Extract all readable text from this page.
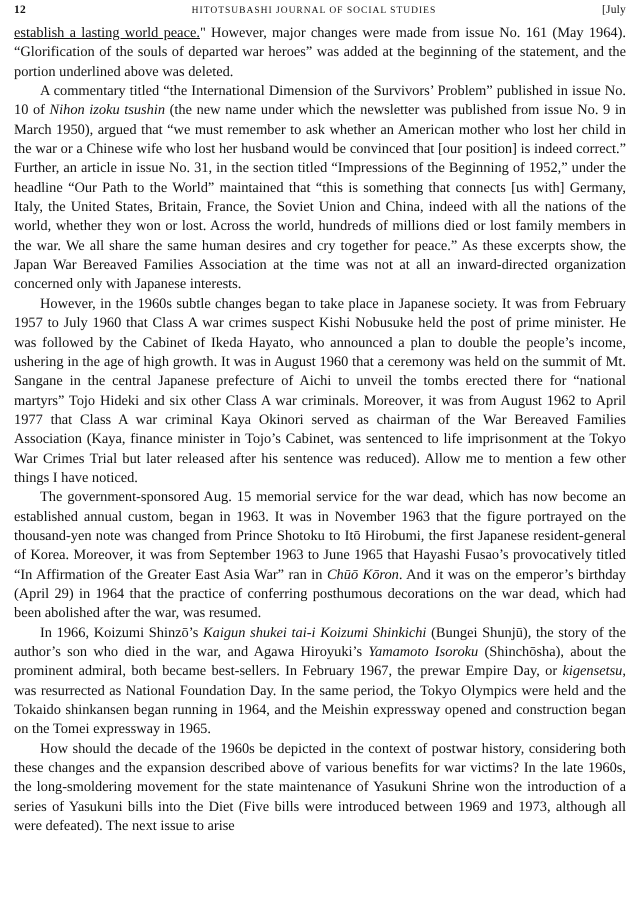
12	HITOTSUBASHI JOURNAL OF SOCIAL STUDIES	[July

establish a lasting world peace." However, major changes were made from issue No. 161 (May 1964). “Glorification of the souls of departed war heroes” was added at the beginning of the statement, and the portion underlined above was deleted.

A commentary titled “the International Dimension of the Survivors’ Problem” published in issue No. 10 of Nihon izoku tsushin (the new name under which the newsletter was published from issue No. 9 in March 1950), argued that “we must remember to ask whether an American mother who lost her child in the war or a Chinese wife who lost her husband would be convinced that [our position] is indeed correct.” Further, an article in issue No. 31, in the section titled “Impressions of the Beginning of 1952,” under the headline “Our Path to the World” maintained that “this is something that connects [us with] Germany, Italy, the United States, Britain, France, the Soviet Union and China, indeed with all the nations of the world, whether they won or lost. Across the world, hundreds of millions died or lost family members in the war. We all share the same human desires and cry together for peace.” As these excerpts show, the Japan War Bereaved Families Association at the time was not at all an inward-directed organization concerned only with Japanese interests.

However, in the 1960s subtle changes began to take place in Japanese society. It was from February 1957 to July 1960 that Class A war crimes suspect Kishi Nobusuke held the post of prime minister. He was followed by the Cabinet of Ikeda Hayato, who announced a plan to double the people’s income, ushering in the age of high growth. It was in August 1960 that a ceremony was held on the summit of Mt. Sangane in the central Japanese prefecture of Aichi to unveil the tombs erected there for “national martyrs” Tojo Hideki and six other Class A war criminals. Moreover, it was from August 1962 to April 1977 that Class A war criminal Kaya Okinori served as chairman of the War Bereaved Families Association (Kaya, finance minister in Tojo’s Cabinet, was sentenced to life imprisonment at the Tokyo War Crimes Trial but later released after his sentence was reduced). Allow me to mention a few other things I have noticed.

The government-sponsored Aug. 15 memorial service for the war dead, which has now become an established annual custom, began in 1963. It was in November 1963 that the figure portrayed on the thousand-yen note was changed from Prince Shotoku to Itō Hirobumi, the first Japanese resident-general of Korea. Moreover, it was from September 1963 to June 1965 that Hayashi Fusao’s provocatively titled “In Affirmation of the Greater East Asia War” ran in Chūō Kōron. And it was on the emperor’s birthday (April 29) in 1964 that the practice of conferring posthumous decorations on the war dead, which had been abolished after the war, was resumed.

In 1966, Koizumi Shinzō’s Kaigun shukei tai-i Koizumi Shinkichi (Bungei Shunjū), the story of the author’s son who died in the war, and Agawa Hiroyuki’s Yamamoto Isoroku (Shinchōsha), about the prominent admiral, both became best-sellers. In February 1967, the prewar Empire Day, or kigensetsu, was resurrected as National Foundation Day. In the same period, the Tokyo Olympics were held and the Tokaido shinkansen began running in 1964, and the Meishin expressway opened and construction began on the Tomei expressway in 1965.

How should the decade of the 1960s be depicted in the context of postwar history, considering both these changes and the expansion described above of various benefits for war victims? In the late 1960s, the long-smoldering movement for the state maintenance of Yasukuni Shrine won the introduction of a series of Yasukuni bills into the Diet (Five bills were introduced between 1969 and 1973, although all were defeated). The next issue to arise
